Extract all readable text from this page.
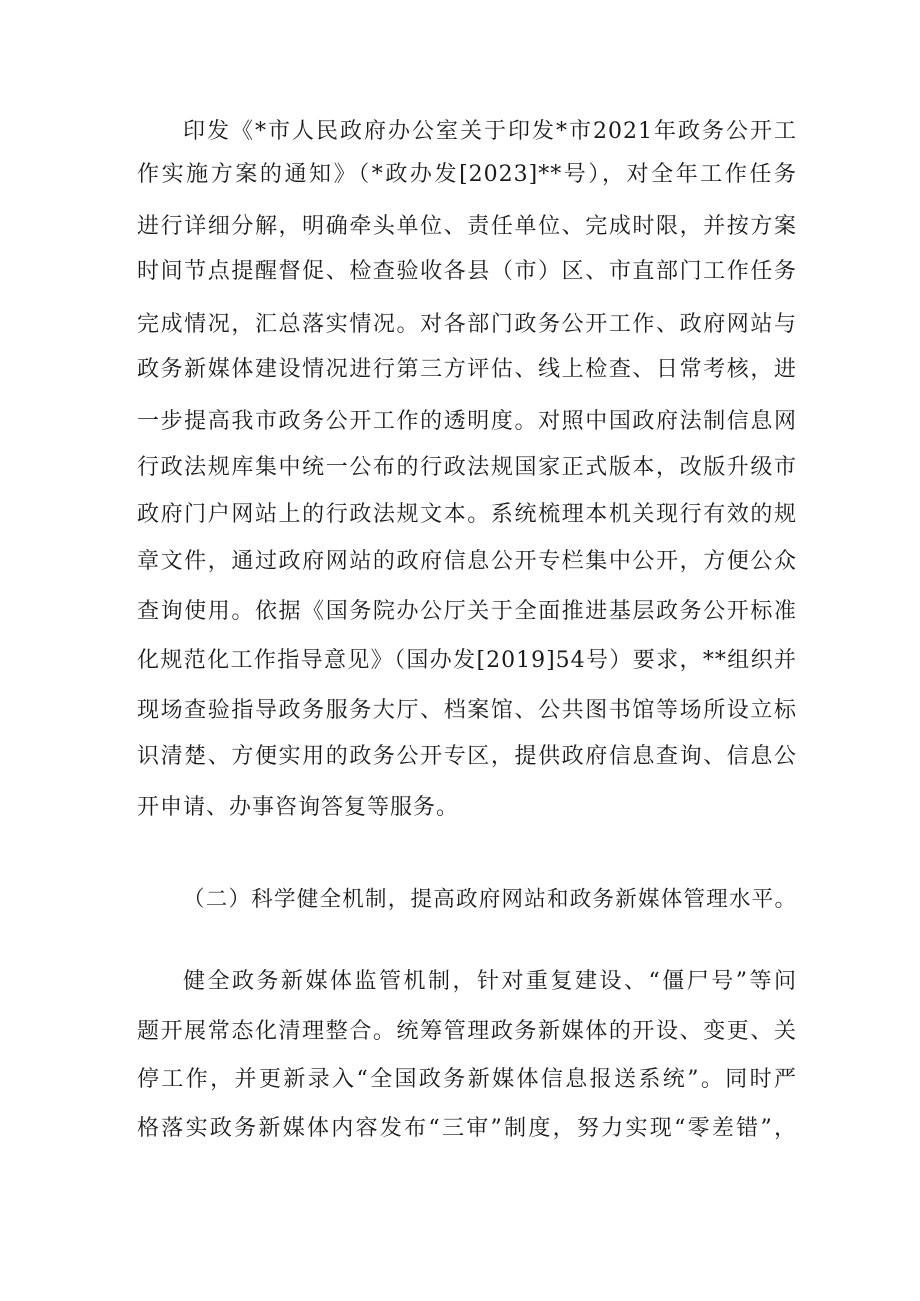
印发《*市人民政府办公室关于印发*市2021年政务公开工
作实施方案的通知》（*政办发[2023]**号），对全年工作任务
进行详细分解，明确牵头单位、责任单位、完成时限，并按方案
时间节点提醒督促、检查验收各县（市）区、市直部门工作任务
完成情况，汇总落实情况。对各部门政务公开工作、政府网站与
政务新媒体建设情况进行第三方评估、线上检查、日常考核，进
一步提高我市政务公开工作的透明度。对照中国政府法制信息网
行政法规库集中统一公布的行政法规国家正式版本，改版升级市
政府门户网站上的行政法规文本。系统梳理本机关现行有效的规
章文件，通过政府网站的政府信息公开专栏集中公开，方便公众
查询使用。依据《国务院办公厅关于全面推进基层政务公开标准
化规范化工作指导意见》（国办发[2019]54号）要求，**组织并
现场查验指导政务服务大厅、档案馆、公共图书馆等场所设立标
识清楚、方便实用的政务公开专区，提供政府信息查询、信息公
开申请、办事咨询答复等服务。
（二）科学健全机制，提高政府网站和政务新媒体管理水平。
健全政务新媒体监管机制，针对重复建设、“僵尸号”等问
题开展常态化清理整合。统筹管理政务新媒体的开设、变更、关
停工作，并更新录入“全国政务新媒体信息报送系统”。同时严
格落实政务新媒体内容发布“三审”制度，努力实现“零差错”，
